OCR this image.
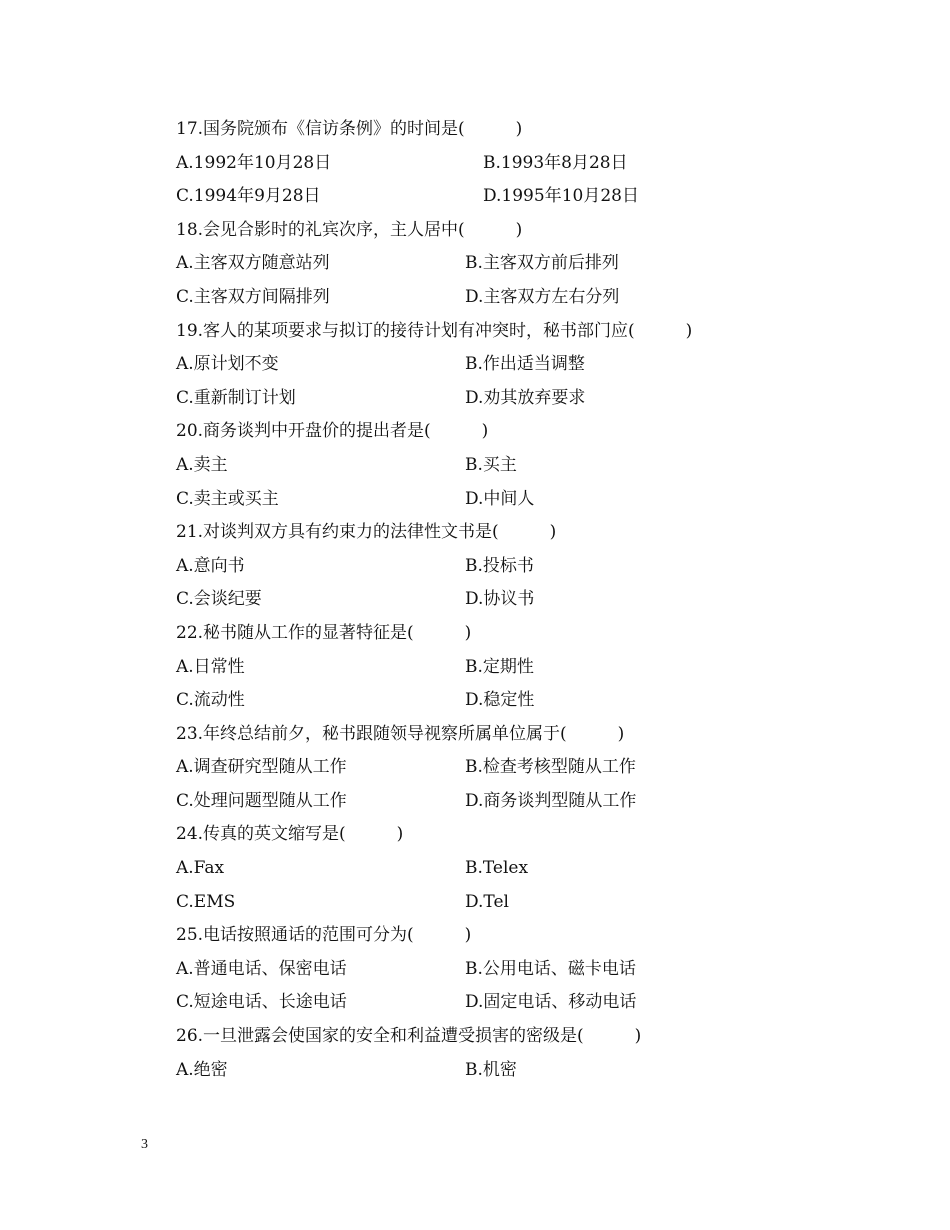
17.国务院颁布《信访条例》的时间是(　　　)
A.1992年10月28日	B.1993年8月28日
C.1994年9月28日	D.1995年10月28日
18.会见合影时的礼宾次序，主人居中(　　　)
A.主客双方随意站列	B.主客双方前后排列
C.主客双方间隔排列	D.主客双方左右分列
19.客人的某项要求与拟订的接待计划有冲突时，秘书部门应(　　　)
A.原计划不变	B.作出适当调整
C.重新制订计划	D.劝其放弃要求
20.商务谈判中开盘价的提出者是(　　　)
A.卖主	B.买主
C.卖主或买主	D.中间人
21.对谈判双方具有约束力的法律性文书是(　　　)
A.意向书	B.投标书
C.会谈纪要	D.协议书
22.秘书随从工作的显著特征是(　　　)
A.日常性	B.定期性
C.流动性	D.稳定性
23.年终总结前夕，秘书跟随领导视察所属单位属于(　　　)
A.调查研究型随从工作	B.检查考核型随从工作
C.处理问题型随从工作	D.商务谈判型随从工作
24.传真的英文缩写是(　　　)
A.Fax	B.Telex
C.EMS	D.Tel
25.电话按照通话的范围可分为(　　　)
A.普通电话、保密电话	B.公用电话、磁卡电话
C.短途电话、长途电话	D.固定电话、移动电话
26.一旦泄露会使国家的安全和利益遭受损害的密级是(　　　)
A.绝密	B.机密
3
